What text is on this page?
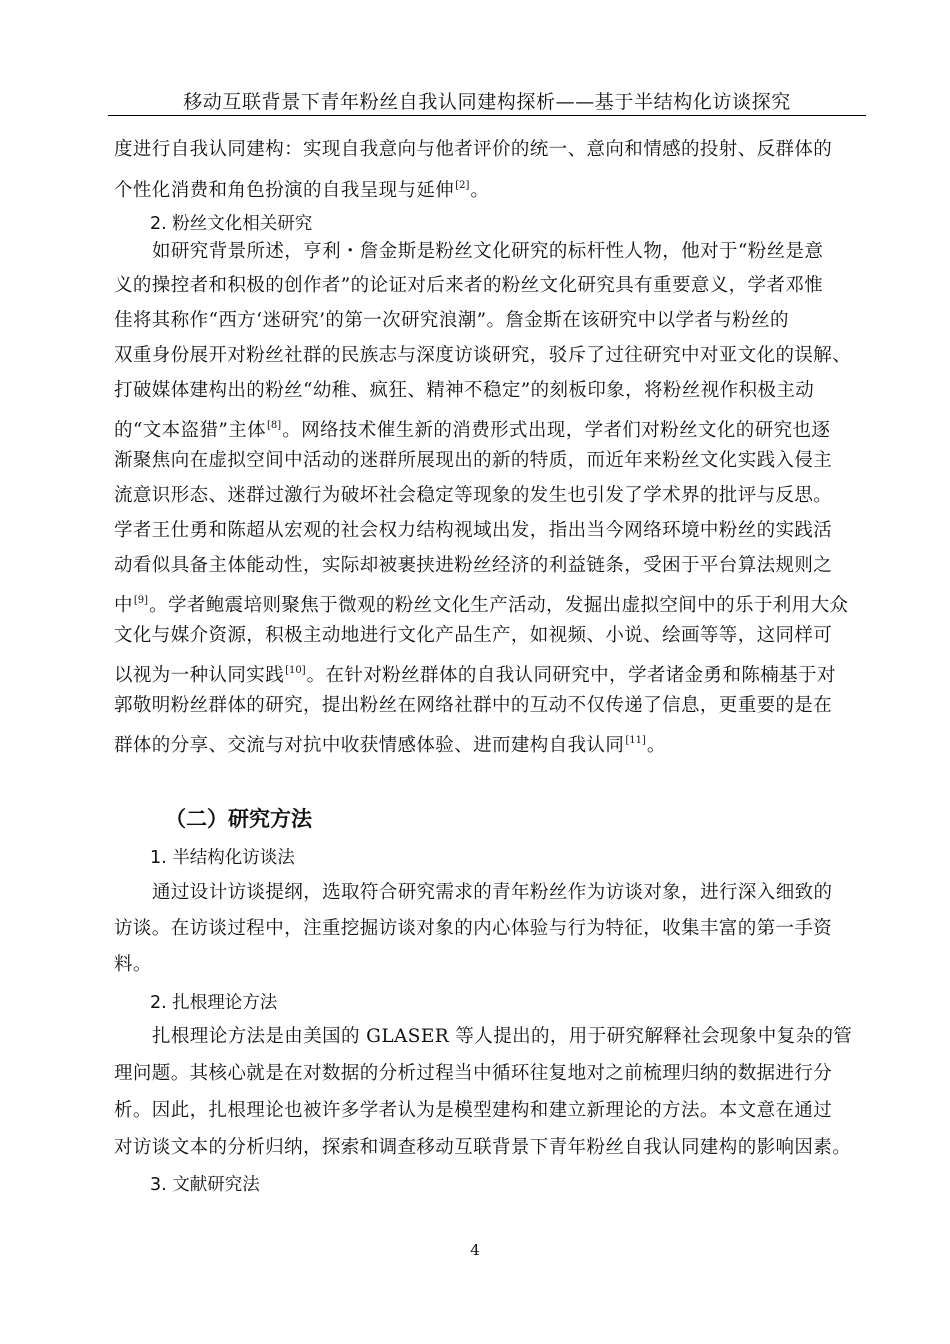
移动互联背景下青年粉丝自我认同建构探析——基于半结构化访谈探究
度进行自我认同建构：实现自我意向与他者评价的统一、意向和情感的投射、反群体的
个性化消费和角色扮演的自我呈现与延伸[2]。
2. 粉丝文化相关研究
如研究背景所述，亨利・詹金斯是粉丝文化研究的标杆性人物，他对于“粉丝是意
义的操控者和积极的创作者”的论证对后来者的粉丝文化研究具有重要意义，学者邓惟
佳将其称作“西方‘迷研究’的第一次研究浪潮”。詹金斯在该研究中以学者与粉丝的
双重身份展开对粉丝社群的民族志与深度访谈研究，驳斥了过往研究中对亚文化的误解、
打破媒体建构出的粉丝“幼稚、疯狂、精神不稳定”的刻板印象，将粉丝视作积极主动
的“文本盗猎”主体[8]。网络技术催生新的消费形式出现，学者们对粉丝文化的研究也逐
渐聚焦向在虚拟空间中活动的迷群所展现出的新的特质，而近年来粉丝文化实践入侵主
流意识形态、迷群过激行为破坏社会稳定等现象的发生也引发了学术界的批评与反思。
学者王仕勇和陈超从宏观的社会权力结构视域出发，指出当今网络环境中粉丝的实践活
动看似具备主体能动性，实际却被裹挟进粉丝经济的利益链条，受困于平台算法规则之
中[9]。学者鲍震培则聚焦于微观的粉丝文化生产活动，发掘出虚拟空间中的乐于利用大众
文化与媒介资源，积极主动地进行文化产品生产，如视频、小说、绘画等等，这同样可
以视为一种认同实践[10]。在针对粉丝群体的自我认同研究中，学者诸金勇和陈楠基于对
郭敬明粉丝群体的研究，提出粉丝在网络社群中的互动不仅传递了信息，更重要的是在
群体的分享、交流与对抗中收获情感体验、进而建构自我认同[11]。
（二）研究方法
1. 半结构化访谈法
通过设计访谈提纲，选取符合研究需求的青年粉丝作为访谈对象，进行深入细致的
访谈。在访谈过程中，注重挖掘访谈对象的内心体验与行为特征，收集丰富的第一手资
料。
2. 扎根理论方法
扎根理论方法是由美国的 GLASER 等人提出的，用于研究解释社会现象中复杂的管
理问题。其核心就是在对数据的分析过程当中循环往复地对之前梳理归纳的数据进行分
析。因此，扎根理论也被许多学者认为是模型建构和建立新理论的方法。本文意在通过
对访谈文本的分析归纳，探索和调查移动互联背景下青年粉丝自我认同建构的影响因素。
3. 文献研究法
4
